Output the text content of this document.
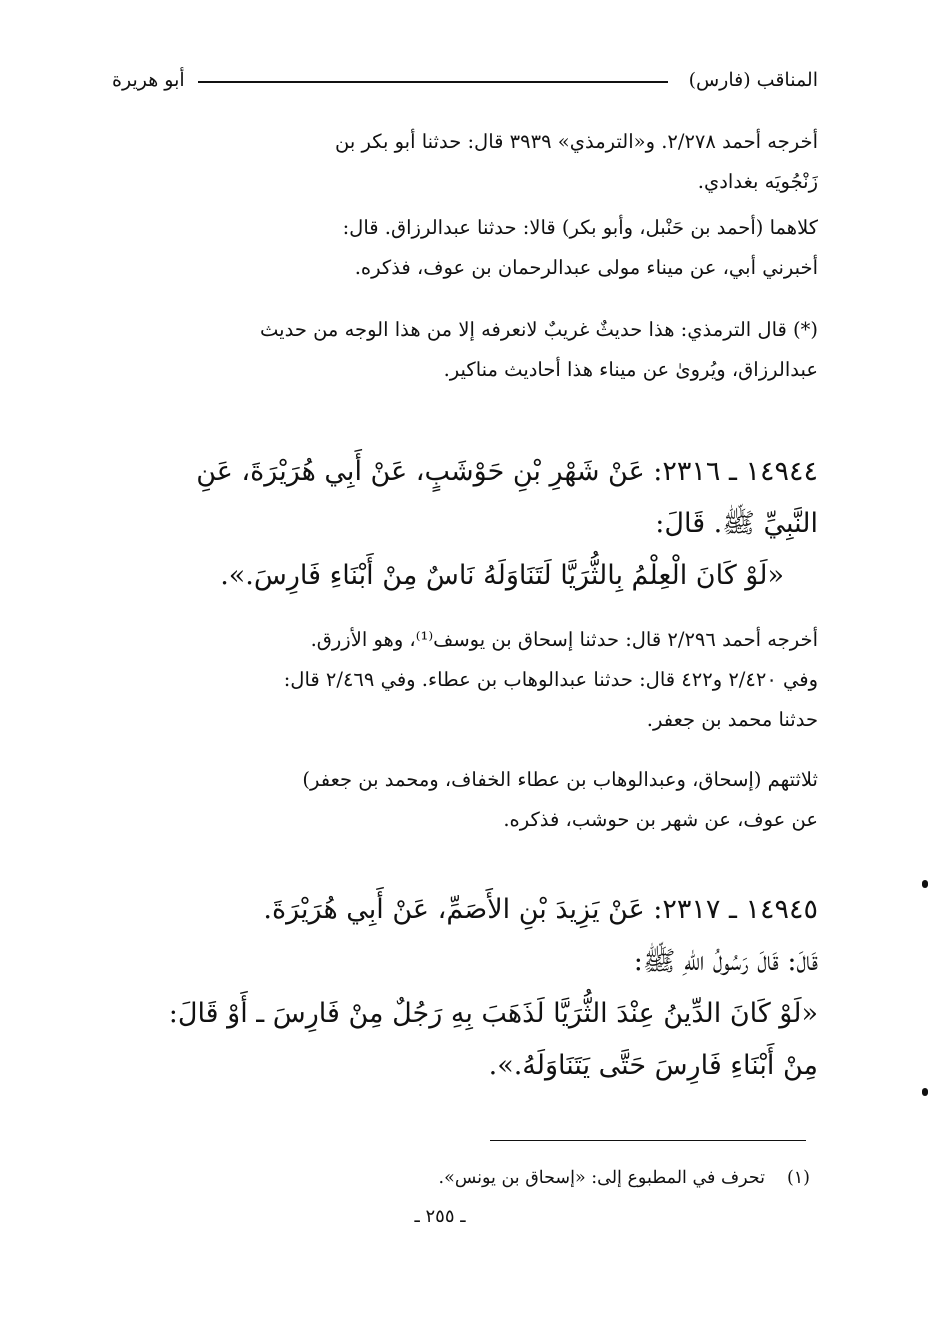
المناقب (فارس)
أبو هريرة
أخرجه أحمد ٢/٢٧٨. و«الترمذي» ٣٩٣٩ قال: حدثنا أبو بكر بن
زَنْجُويَه بغدادي.
كلاهما (أحمد بن حَنْبل، وأبو بكر) قالا: حدثنا عبدالرزاق. قال:
أخبرني أبي، عن ميناء مولى عبدالرحمان بن عوف، فذكره.
(*) قال الترمذي: هذا حديثٌ غريبٌ لانعرفه إلا من هذا الوجه من حديث
عبدالرزاق، ويُروىٰ عن ميناء هذا أحاديث مناكير.
١٤٩٤٤ ـ ٢٣١٦: عَنْ شَهْرِ بْنِ حَوْشَبٍ، عَنْ أَبِي هُرَيْرَةَ، عَنِ
النَّبِيِّ ﷺ. قَالَ:
«لَوْ كَانَ الْعِلْمُ بِالثُّرَيَّا لَتَنَاوَلَهُ نَاسٌ مِنْ أَبْنَاءِ فَارِسَ.».
أخرجه أحمد ٢/٢٩٦ قال: حدثنا إسحاق بن يوسف⁽¹⁾، وهو الأزرق.
وفي ٢/٤٢٠ و٤٢٢ قال: حدثنا عبدالوهاب بن عطاء. وفي ٢/٤٦٩ قال:
حدثنا محمد بن جعفر.
ثلاثتهم (إسحاق، وعبدالوهاب بن عطاء الخفاف، ومحمد بن جعفر)
عن عوف، عن شهر بن حوشب، فذكره.
١٤٩٤٥ ـ ٢٣١٧: عَنْ يَزِيدَ بْنِ الأَصَمِّ، عَنْ أَبِي هُرَيْرَةَ.
قَالَ: قَالَ رَسُولُ اللهِ ﷺ:
«لَوْ كَانَ الدِّينُ عِنْدَ الثُّرَيَّا لَذَهَبَ بِهِ رَجُلٌ مِنْ فَارِسَ ـ أَوْ قَالَ:
مِنْ أَبْنَاءِ فَارِسَ حَتَّى يَتَنَاوَلَهُ.».
(١)تحرف في المطبوع إلى: «إسحاق بن يونس».
ـ ٢٥٥ ـ
